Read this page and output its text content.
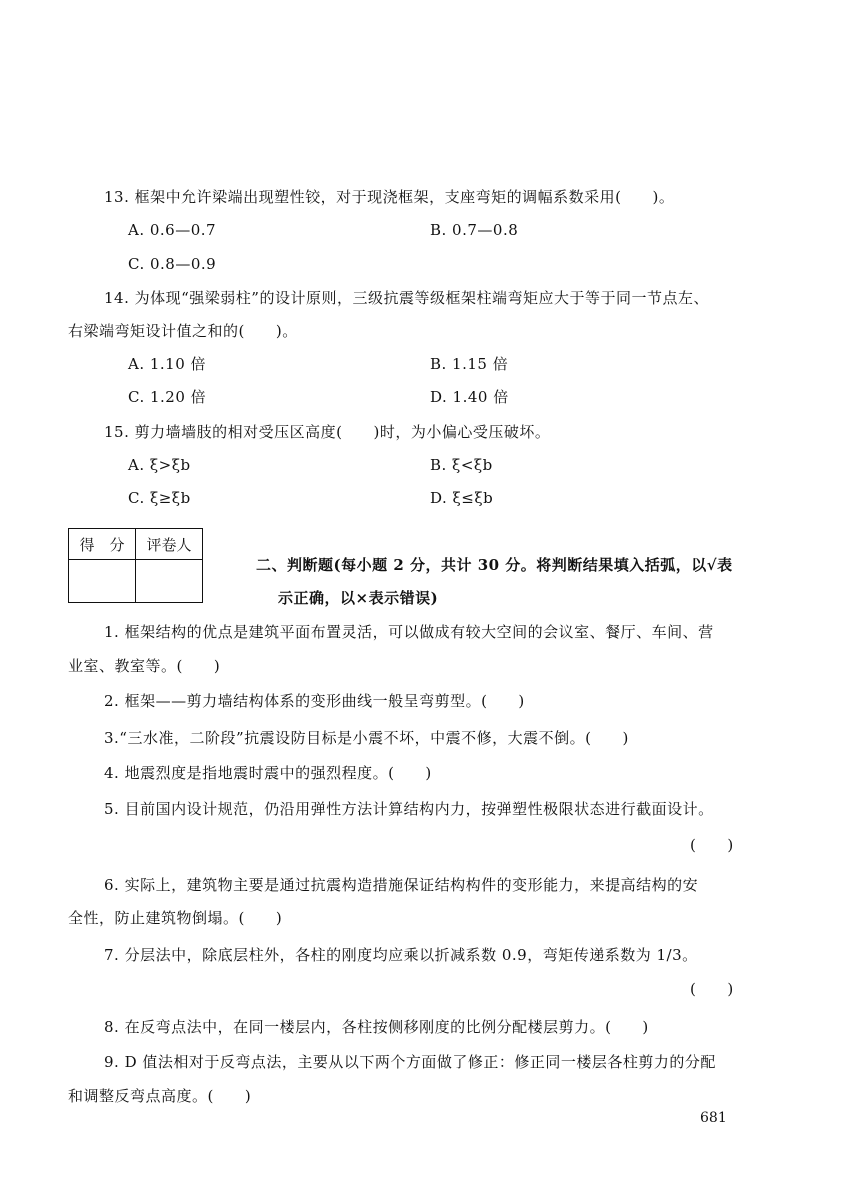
13. 框架中允许梁端出现塑性铰，对于现浇框架，支座弯矩的调幅系数采用(　　)。
A. 0.6—0.7	B. 0.7—0.8
C. 0.8—0.9
14. 为体现“强梁弱柱”的设计原则，三级抗震等级框架柱端弯矩应大于等于同一节点左、
右梁端弯矩设计值之和的(　　)。
A. 1.10 倍	B. 1.15 倍
C. 1.20 倍	D. 1.40 倍
15. 剪力墙墙肢的相对受压区高度(　　)时，为小偏心受压破坏。
A. ξ>ξb	B. ξ<ξb
C. ξ≥ξb	D. ξ≤ξb
得　分	评卷人

二、判断题(每小题 2 分，共计 30 分。将判断结果填入括弧，以√表
示正确，以×表示错误)
1. 框架结构的优点是建筑平面布置灵活，可以做成有较大空间的会议室、餐厅、车间、营
业室、教室等。(　　)
2. 框架——剪力墙结构体系的变形曲线一般呈弯剪型。(　　)
3.“三水准，二阶段”抗震设防目标是小震不坏，中震不修，大震不倒。(　　)
4. 地震烈度是指地震时震中的强烈程度。(　　)
5. 目前国内设计规范，仍沿用弹性方法计算结构内力，按弹塑性极限状态进行截面设计。
(　　)
6. 实际上，建筑物主要是通过抗震构造措施保证结构构件的变形能力，来提高结构的安
全性，防止建筑物倒塌。(　　)
7. 分层法中，除底层柱外，各柱的刚度均应乘以折减系数 0.9，弯矩传递系数为 1/3。
(　　)
8. 在反弯点法中，在同一楼层内，各柱按侧移刚度的比例分配楼层剪力。(　　)
9. D 值法相对于反弯点法，主要从以下两个方面做了修正：修正同一楼层各柱剪力的分配
和调整反弯点高度。(　　)
681
